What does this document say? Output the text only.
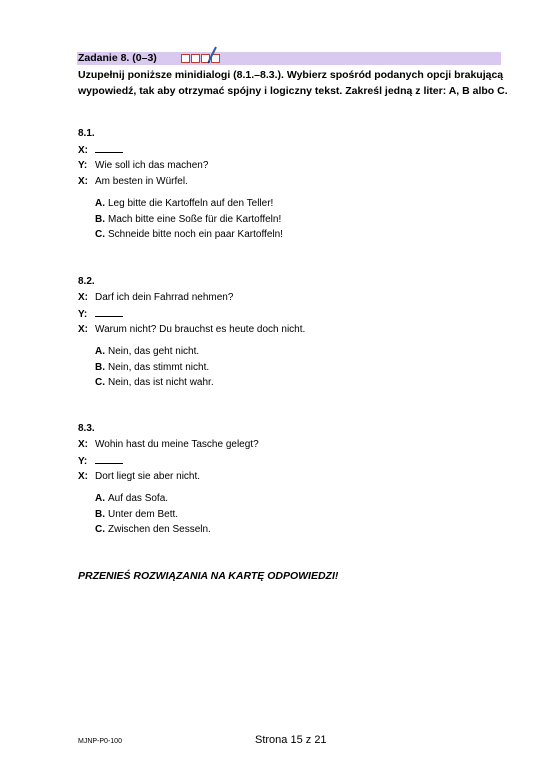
Zadanie 8. (0–3)
Uzupełnij poniższe minidialogi (8.1.–8.3.). Wybierz spośród podanych opcji brakującą wypowiedź, tak aby otrzymać spójny i logiczny tekst. Zakreśl jedną z liter: A, B albo C.
8.1.
X:
Y: Wie soll ich das machen?
X: Am besten in Würfel.
A. Leg bitte die Kartoffeln auf den Teller!
B. Mach bitte eine Soße für die Kartoffeln!
C. Schneide bitte noch ein paar Kartoffeln!
8.2.
X: Darf ich dein Fahrrad nehmen?
Y:
X: Warum nicht? Du brauchst es heute doch nicht.
A. Nein, das geht nicht.
B. Nein, das stimmt nicht.
C. Nein, das ist nicht wahr.
8.3.
X: Wohin hast du meine Tasche gelegt?
Y:
X: Dort liegt sie aber nicht.
A. Auf das Sofa.
B. Unter dem Bett.
C. Zwischen den Sesseln.
PRZENIEŚ ROZWIĄZANIA NA KARTĘ ODPOWIEDZI!
MJNP-P0-100	Strona 15 z 21
